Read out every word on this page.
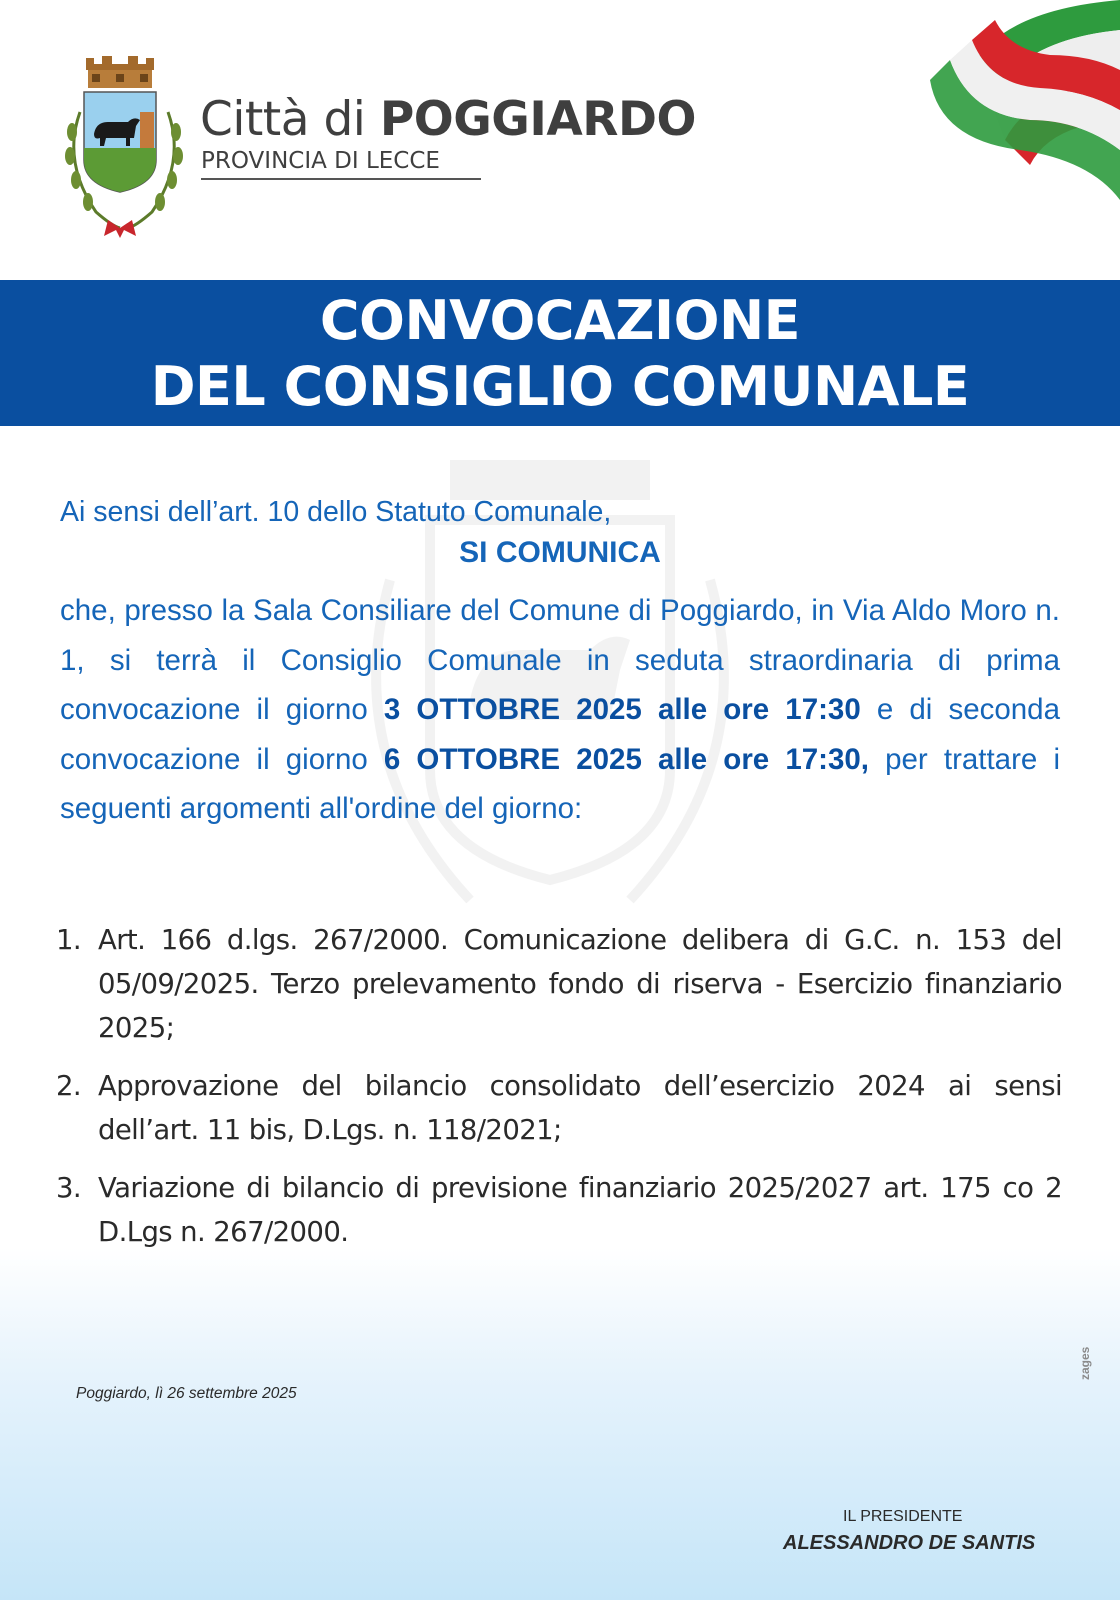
Città di POGGIARDO
PROVINCIA DI LECCE
CONVOCAZIONE
DEL CONSIGLIO COMUNALE
Ai sensi dell’art. 10 dello Statuto Comunale,
SI COMUNICA
che, presso la Sala Consiliare del Comune di Poggiardo, in Via Aldo Moro n. 1, si terrà il Consiglio Comunale in seduta straordinaria di prima convocazione il giorno 3 OTTOBRE 2025 alle ore 17:30 e di seconda convocazione il giorno 6 OTTOBRE 2025 alle ore 17:30, per trattare i seguenti argomenti all'ordine del giorno:
1. Art. 166 d.lgs. 267/2000. Comunicazione delibera di G.C. n. 153 del 05/09/2025. Terzo prelevamento fondo di riserva - Esercizio finanziario 2025;
2. Approvazione del bilancio consolidato dell’esercizio 2024 ai sensi dell’art. 11 bis, D.Lgs. n. 118/2021;
3. Variazione di bilancio di previsione finanziario 2025/2027 art. 175 co 2 D.Lgs n. 267/2000.
Poggiardo, lì 26 settembre 2025
zages
IL PRESIDENTE
ALESSANDRO DE SANTIS
